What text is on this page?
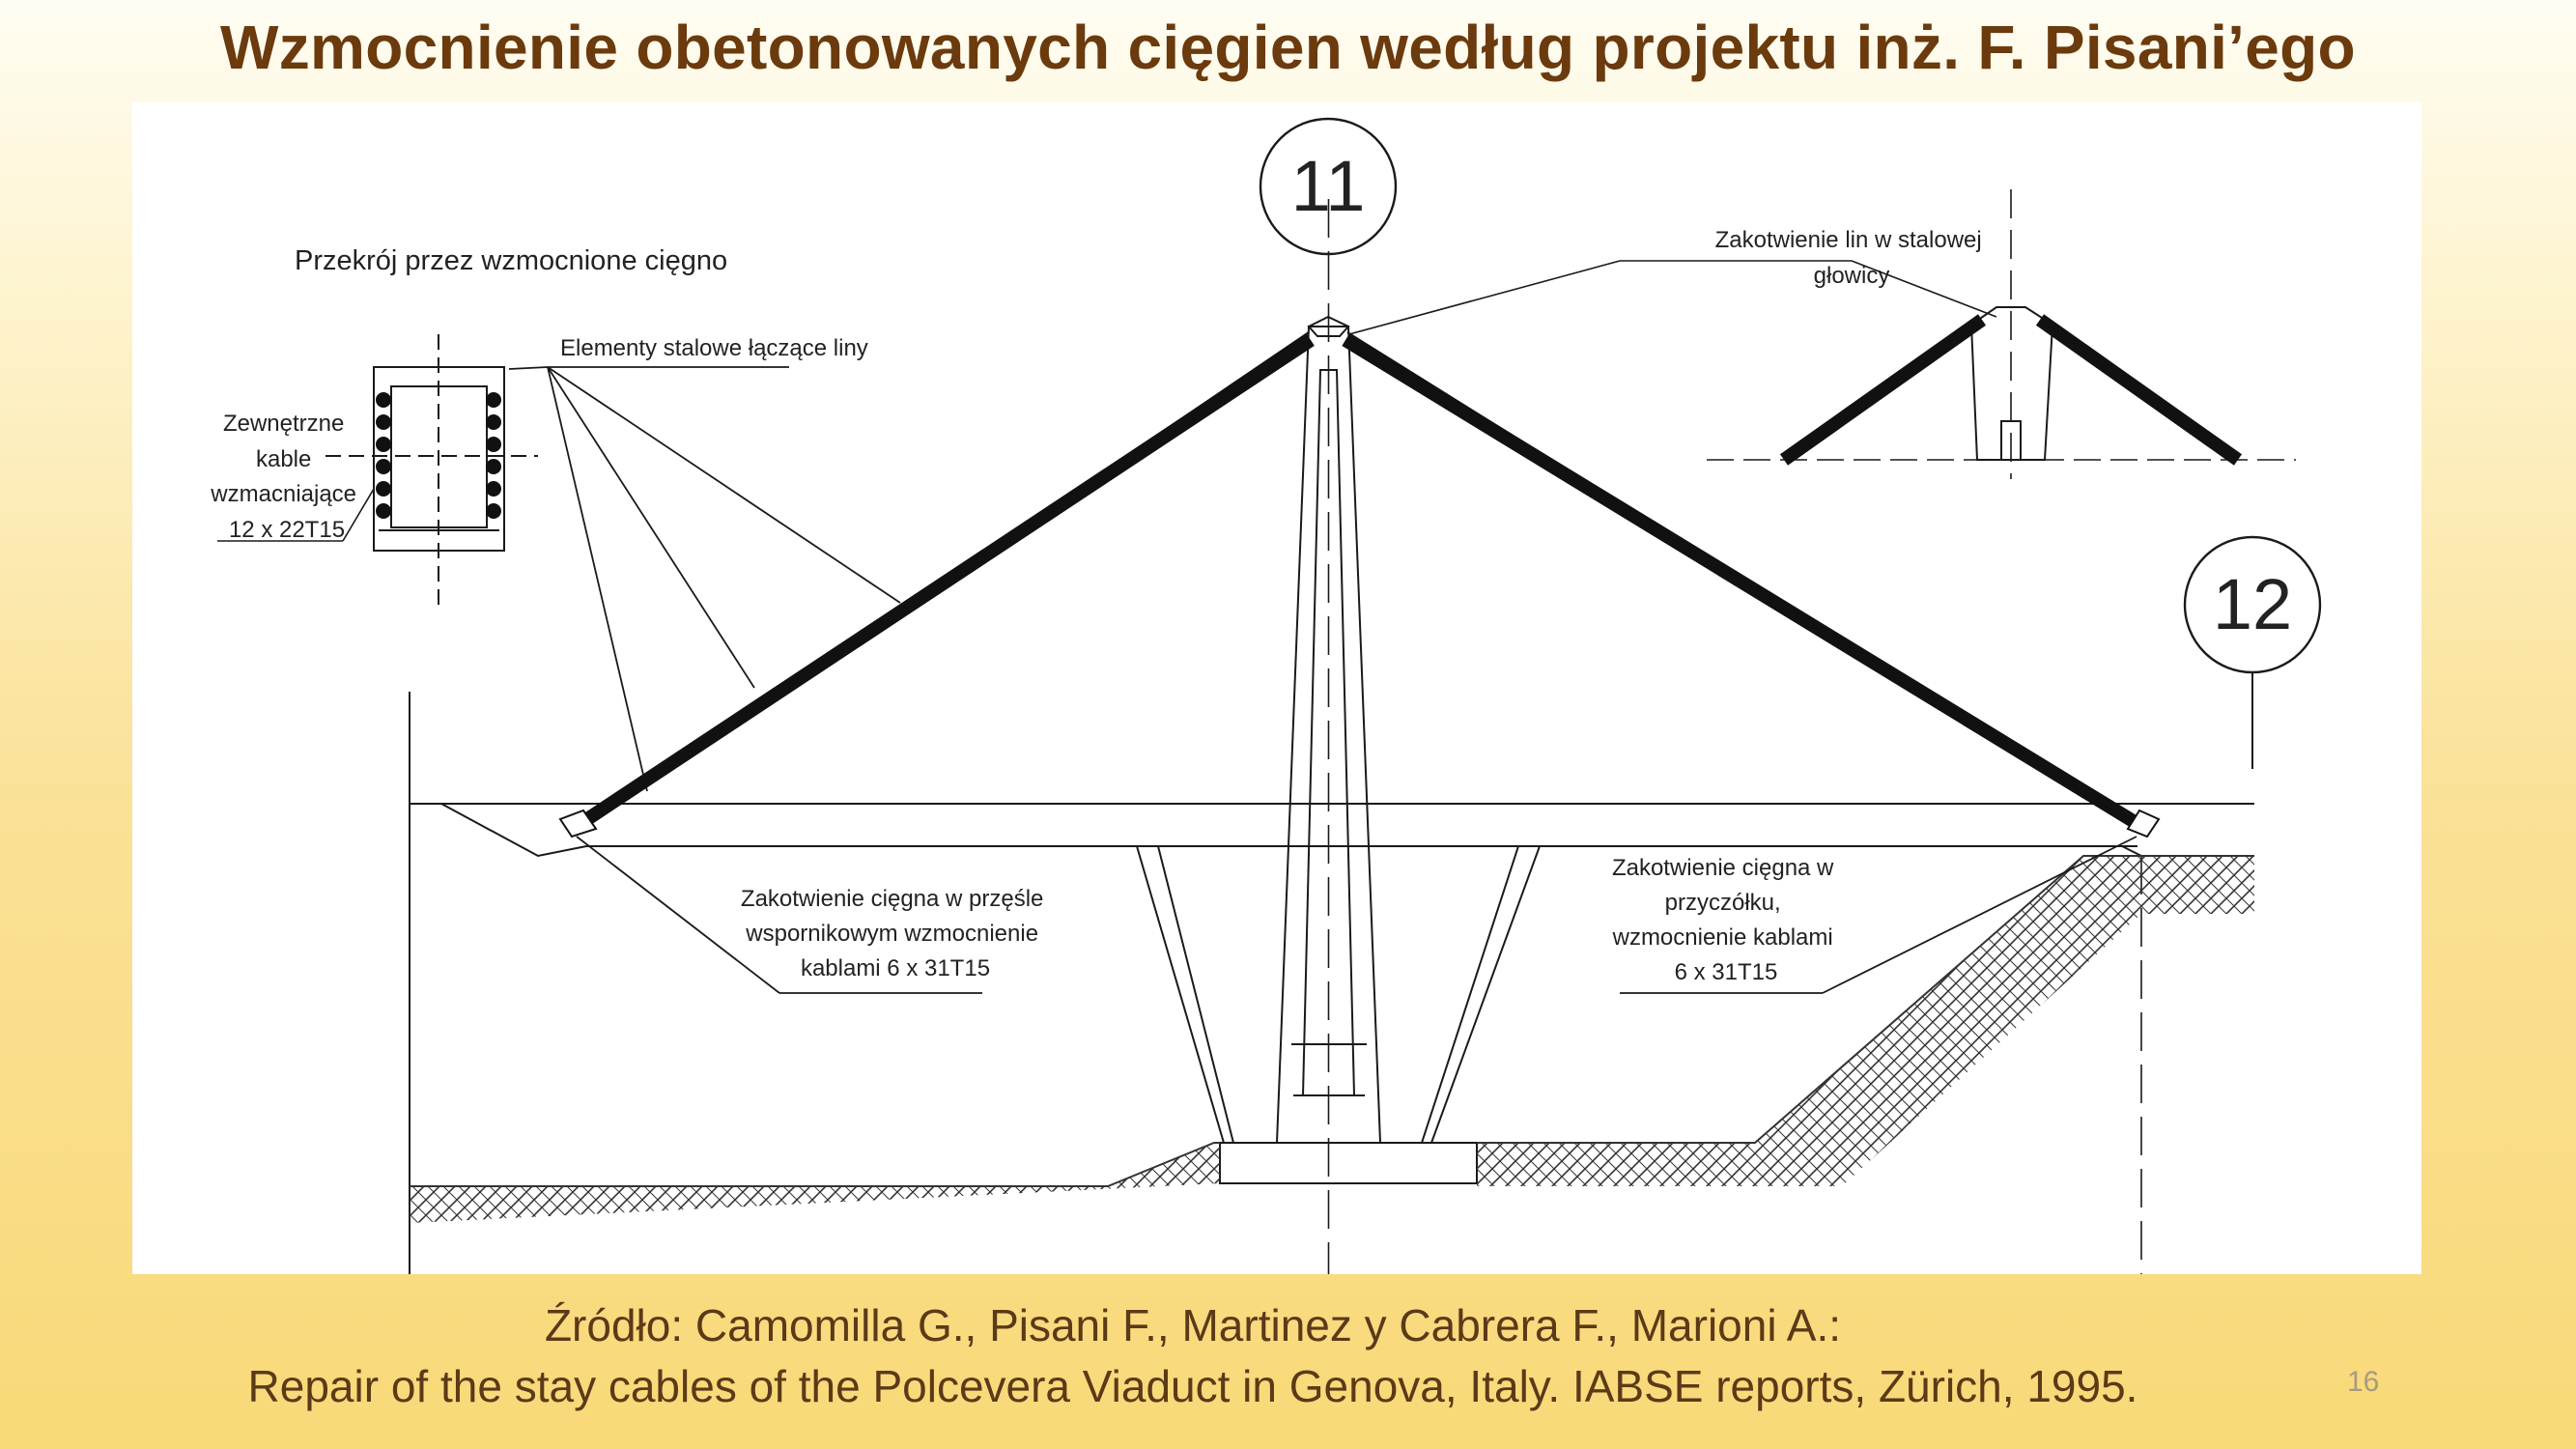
Wzmocnienie obetonowanych cięgien według projektu inż. F. Pisani’ego
Przekrój przez wzmocnione cięgno
Zewnętrzne kable wzmacniające 12 x 22T15
Elementy stalowe łączące liny
11
12
Zakotwienie lin w stalowej głowicy
Zakotwienie cięgna w przęśle wspornikowym wzmocnienie kablami 6 x 31T15
Zakotwienie cięgna w przyczółku, wzmocnienie kablami 6 x 31T15
Źródło: Camomilla G., Pisani F., Martinez y Cabrera F., Marioni A.:
Repair of the stay cables of the Polcevera Viaduct in Genova, Italy. IABSE reports, Zürich, 1995.	16
